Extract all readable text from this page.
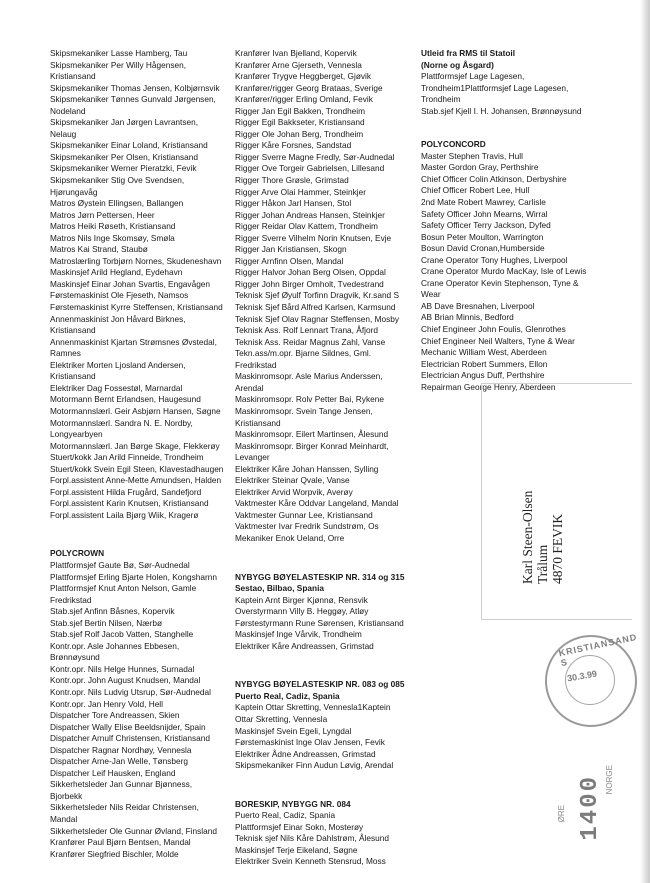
Skipsmekaniker Lasse Hamberg, Tau
Skipsmekaniker Per Willy Hågensen,
Kristiansand
Skipsmekaniker Thomas Jensen, Kolbjørnsvik
Skipsmekaniker Tønnes Gunvald Jørgensen,
Nodeland
Skipsmekaniker Jan Jørgen Lavrantsen,
Nelaug
Skipsmekaniker Einar Loland, Kristiansand
Skipsmekaniker Per Olsen, Kristiansand
Skipsmekaniker Werner Pieratzki, Fevik
Skipsmekaniker Stig Ove Svendsen,
Hjørungavåg
Matros Øystein Ellingsen, Ballangen
Matros Jørn Pettersen, Heer
Matros Heiki Røseth, Kristiansand
Matros Nils Inge Skomsøy, Smøla
Matros Kai Strand, Staubø
Matroslærling Torbjørn Nornes, Skudeneshavn
Maskinsjef Arild Hegland, Eydehavn
Maskinsjef Einar Johan Svartis, Engavågen
Førstemaskinist Ole Fjeseth, Namsos
Førstemaskinist Kyrre Steffensen, Kristiansand
Annenmaskinist Jon Håvard Birknes,
Kristiansand
Annenmaskinist Kjartan Strømsnes Øvstedal,
Ramnes
Elektriker Morten Ljosland Andersen,
Kristiansand
Elektriker Dag Fossestøl, Marnardal
Motormann Bernt Erlandsen, Haugesund
Motormannslærl. Geir Asbjørn Hansen, Søgne
Motormannslærl. Sandra N. E. Nordby,
Longyearbyen
Motormannslærl. Jan Børge Skage, Flekkerøy
Stuert/kokk Jan Arild Finneide, Trondheim
Stuert/kokk Svein Egil Steen, Klavestadhaugen
Forpl.assistent Anne-Mette Amundsen, Halden
Forpl.assistent Hilda Frugård, Sandefjord
Forpl.assistent Karin Knutsen, Kristiansand
Forpl.assistent Laila Bjørg Wiik, Kragerø
POLYCROWN
Plattformsjef Gaute Bø, Sør-Audnedal
Plattformsjef Erling Bjarte Holen, Kongsharnn
Plattformsjef Knut Anton Nelson, Gamle
Fredrikstad
Stab.sjef Anfinn Båsnes, Kopervik
Stab.sjef Bertin Nilsen, Nærbø
Stab.sjef Rolf Jacob Vatten, Stanghelle
Kontr.opr. Asle Johannes Ebbesen,
Brønnøysund
Kontr.opr. Nils Helge Hunnes, Surnadal
Kontr.opr. John August Knudsen, Mandal
Kontr.opr. Nils Ludvig Utsrup, Sør-Audnedal
Kontr.opr. Jan Henry Vold, Hell
Dispatcher Tore Andreassen, Skien
Dispatcher Wally Elise Beeldsnijder, Spain
Dispatcher Arnulf Christensen, Kristiansand
Dispatcher Ragnar Nordhøy, Vennesla
Dispatcher Arne-Jan Welle, Tønsberg
Dispatcher Leif Hausken, England
Sikkerhetsleder Jan Gunnar Bjønness,
Bjorbekk
Sikkerhetsleder Nils Reidar Christensen,
Mandal
Sikkerhetsleder Ole Gunnar Øvland, Finsland
Kranfører Paul Bjørn Bentsen, Mandal
Kranfører Siegfried Bischler, Molde
Kranfører Ivan Bjelland, Kopervik
Kranfører Arne Gjerseth, Vennesla
Kranfører Trygve Heggberget, Gjøvik
Kranfører/rigger Georg Brataas, Sverige
Kranfører/rigger Erling Omland, Fevik
Rigger Jan Egil Bakken, Trondheim
Rigger Egil Bakkseter, Kristiansand
Rigger Ole Johan Berg, Trondheim
Rigger Kåre Forsnes, Sandstad
Rigger Sverre Magne Fredly, Sør-Audnedal
Rigger Ove Torgeir Gabrielsen, Lillesand
Rigger Thore Grøsle, Grimstad
Rigger Arve Olai Hammer, Steinkjer
Rigger Håkon Jarl Hansen, Stol
Rigger Johan Andreas Hansen, Steinkjer
Rigger Reidar Olav Kattem, Trondheim
Rigger Sverre Vilhelm Norin Knutsen, Evje
Rigger Jan Kristiansen, Skogn
Rigger Arnfinn Olsen, Mandal
Rigger Halvor Johan Berg Olsen, Oppdal
Rigger John Birger Omholt, Tvedestrand
Teknisk Sjef Øyulf Torfinn Dragvik, Kr.sand S
Teknisk Sjef Bård Alfred Karlsen, Karmsund
Teknisk Sjef Olav Ragnar Steffensen, Mosby
Teknisk Ass. Rolf Lennart Trana, Åfjord
Teknisk Ass. Reidar Magnus Zahl, Vanse
Tekn.ass/m.opr. Bjarne Sildnes, Gml.
Fredrikstad
Maskinromsopr. Asle Marius Anderssen,
Arendal
Maskinromsopr. Rolv Petter Bai, Rykene
Maskinromsopr. Svein Tange Jensen,
Kristiansand
Maskinromsopr. Eilert Martinsen, Ålesund
Maskinromsopr. Birger Konrad Meinhardt,
Levanger
Elektriker Kåre Johan Hanssen, Sylling
Elektriker Steinar Qvale, Vanse
Elektriker Arvid Worpvik, Averøy
Vaktmester Kåre Oddvar Langeland, Mandal
Vaktmester Gunnar Lee, Kristiansand
Vaktmester Ivar Fredrik Sundstrøm, Os
Mekaniker Enok Ueland, Orre
NYBYGG BØYELASTESKIP NR. 314 og 315
Sestao, Bilbao, Spania
Kaptein Arnt Birger Kjønnø, Rensvik
Overstyrmann Villy B. Heggøy, Atløy
Førstestyrmann Rune Sørensen, Kristiansand
Maskinsjef Inge Vårvik, Trondheim
Elektriker Kåre Andreassen, Grimstad
NYBYGG BØYELASTESKIP NR. 083 og 085
Puerto Real, Cadiz, Spania
Kaptein Ottar Skretting, Vennesla1Kaptein
Ottar Skretting, Vennesla
Maskinsjef Svein Egeli, Lyngdal
Førstemaskinist Inge Olav Jensen, Fevik
Elektriker Ådne Andreassen, Grimstad
Skipsmekaniker Finn Audun Løvig, Arendal
BORESKIP, NYBYGG NR. 084
Puerto Real, Cadiz, Spania
Plattformsjef Einar Sokn, Mosterøy
Teknisk sjef Nils Kåre Dahlstrøm, Ålesund
Maskinsjef Terje Eikeland, Søgne
Elektriker Svein Kenneth Stensrud, Moss
Utleid fra RMS til Statoil
(Norne og Åsgard)
Plattformsjef Lage Lagesen,
Trondheim1Plattformsjef Lage Lagesen,
Trondheim
Stab.sjef Kjell I. H. Johansen, Brønnøysund
POLYCONCORD
Master Stephen Travis, Hull
Master Gordon Gray, Perthshire
Chief Officer Colin Atkinson, Derbyshire
Chief Officer Robert Lee, Hull
2nd Mate Robert Mawrey, Carlisle
Safety Officer John Mearns, Wirral
Safety Officer Terry Jackson, Dyfed
Bosun Peter Moulton, Warrington
Bosun David Cronan,Humberside
Crane Operator Tony Hughes, Liverpool
Crane Operator Murdo MacKay, Isle of Lewis
Crane Operator Kevin Stephenson, Tyne &
Wear
AB Dave Bresnahen, Liverpool
AB Brian Minnis, Bedford
Chief Engineer John Foulis, Glenrothes
Chief Engineer Neil Walters, Tyne & Wear
Mechanic William West, Aberdeen
Electrician Robert Summers, Ellon
Electrician Angus Duff, Perthshire
Repairman George Henry, Aberdeen
Karl Steen-Olsen Trålum 4870 FEVIK
KRISTIANSAND S
30.3.99
1400 NORGE
ØRE
